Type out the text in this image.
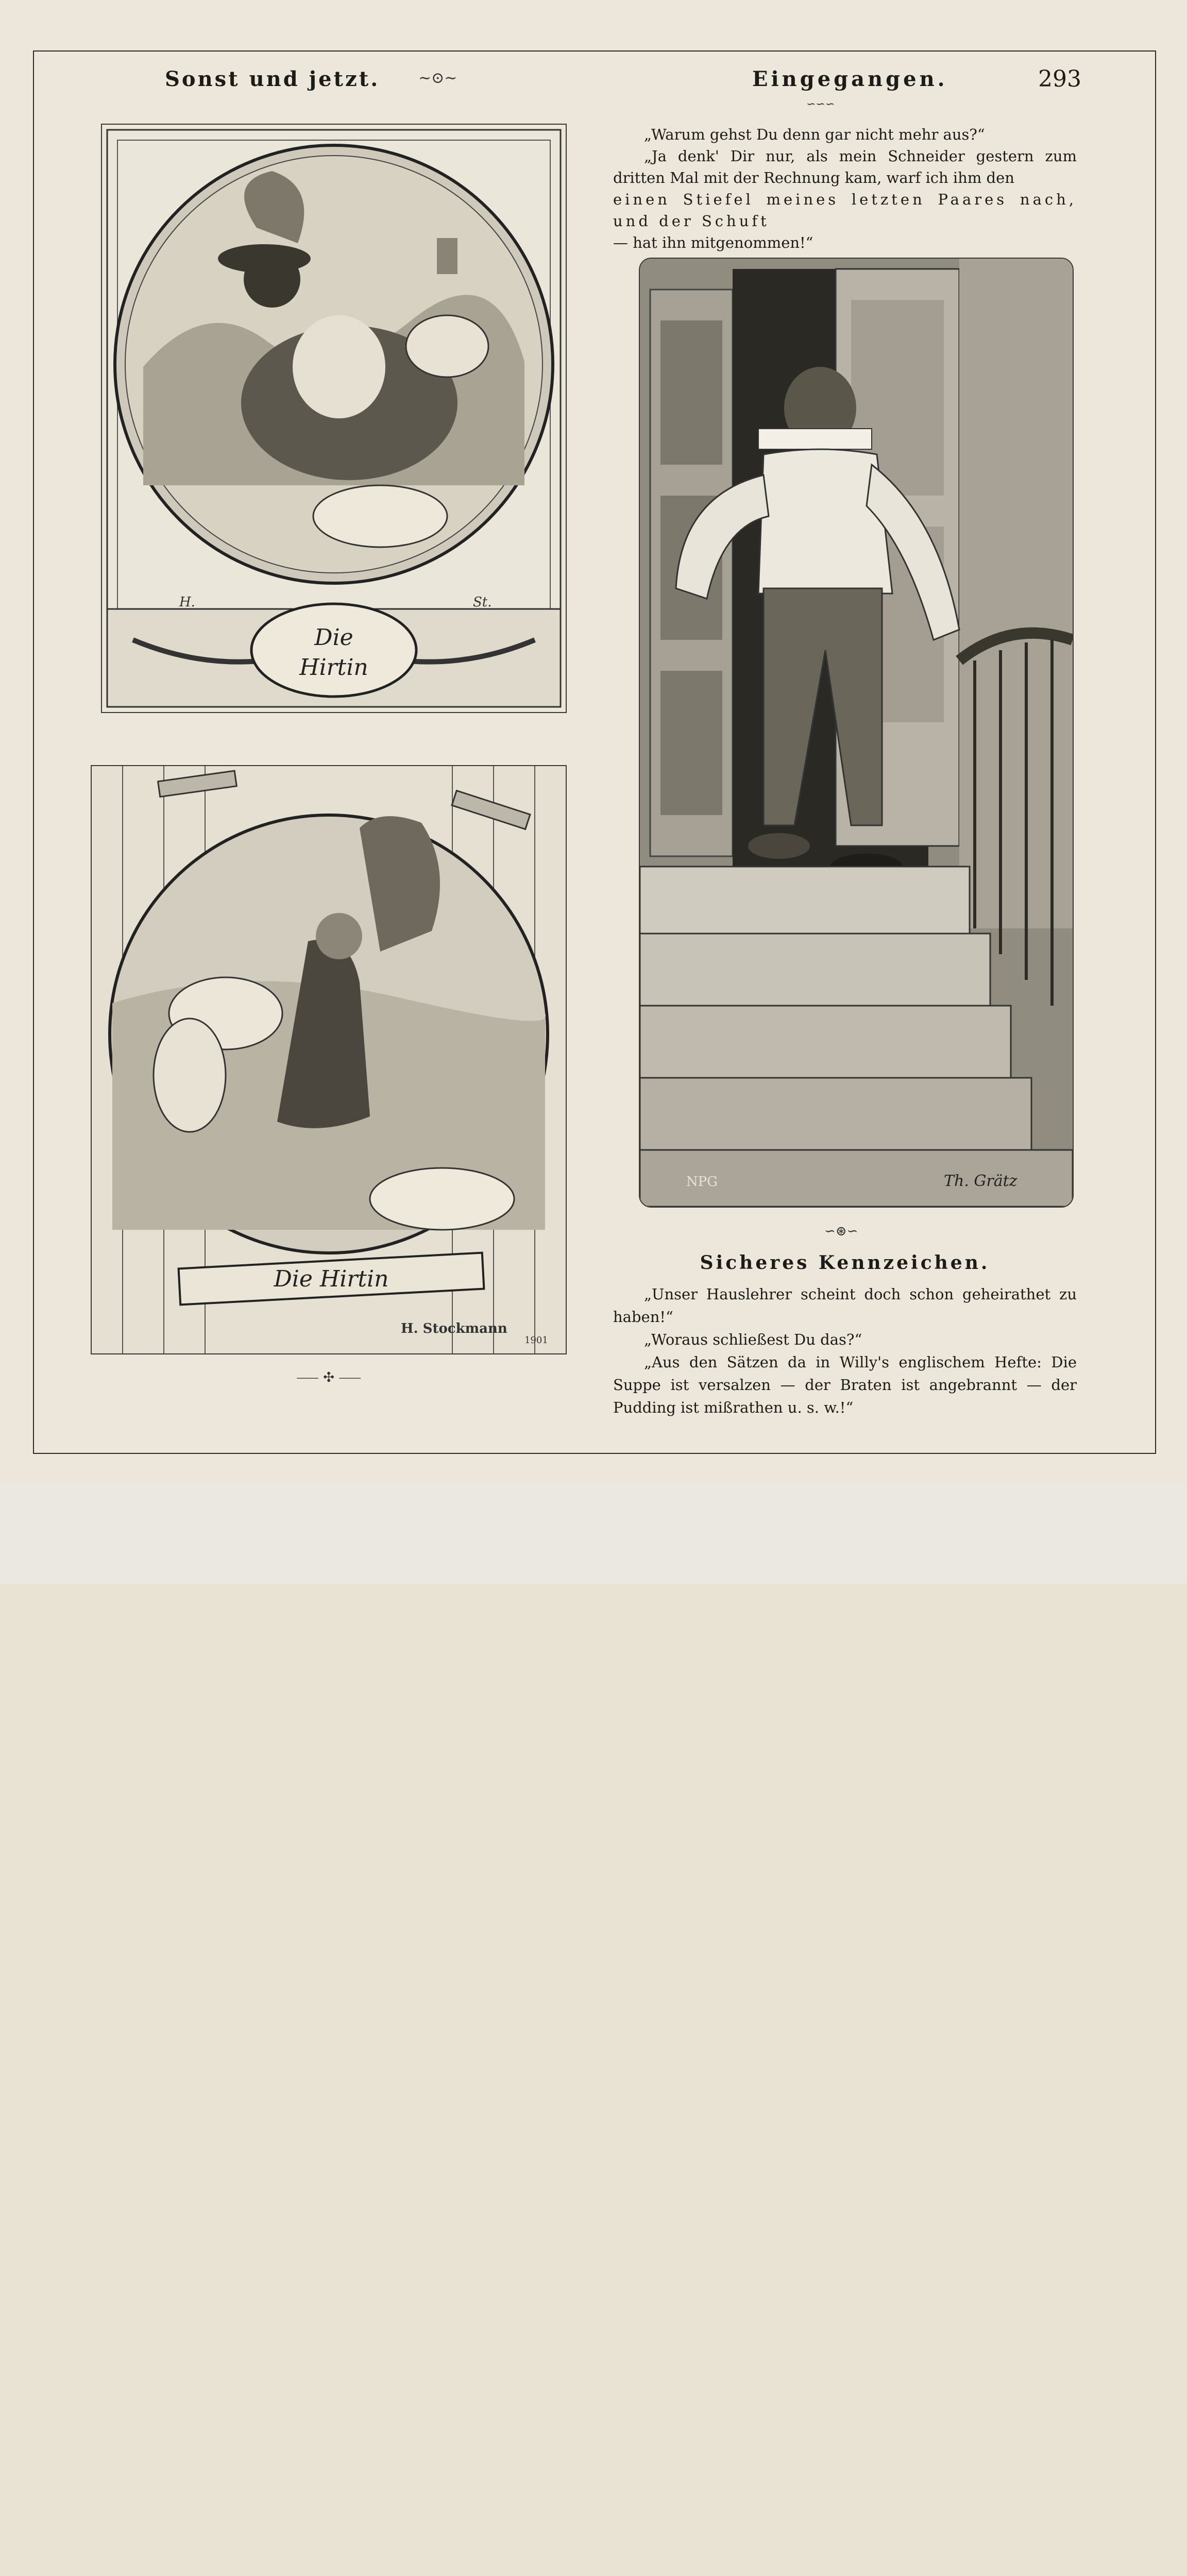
Sonst und jetzt. ~⊙~	Eingegangen.	293
∽∽∽

„Warum gehst Du denn gar nicht mehr aus?“

„Ja denk' Dir nur, als mein Schneider gestern zum dritten Mal mit der Rechnung kam, warf ich ihm den

einen Stiefel meines letzten Paares nach, und der Schuft

— hat ihn mitgenommen!“

Die
Hirtin
H.	St.
Die Hirtin
H. Stockmann
1901
⸺ ✣ ⸺
NPG	Th. Grätz
∽⊛∽
Sicheres Kennzeichen.

„Unser Hauslehrer scheint doch schon geheirathet zu haben!“

„Woraus schließest Du das?“

„Aus den Sätzen da in Willy's englischem Hefte: Die Suppe ist versalzen — der Braten ist angebrannt — der Pudding ist mißrathen u. s. w.!“
